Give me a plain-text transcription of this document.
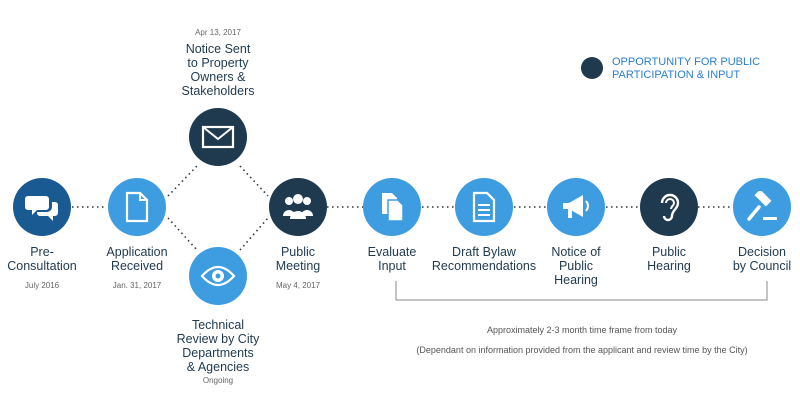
Pre-
Consultation
July 2016
Application
Received
Jan. 31, 2017
Apr 13, 2017
Notice Sent
to Property
Owners &
Stakeholders
Technical
Review by City
Departments
& Agencies
Ongoing
Public
Meeting
May 4, 2017
Evaluate
Input
Draft Bylaw
Recommendations
Notice of
Public
Hearing
Public
Hearing
Decision
by Council
OPPORTUNITY FOR PUBLIC
PARTICIPATION & INPUT

Approximately 2-3 month time frame from today

(Dependant on information provided from the applicant and review time by the City)
